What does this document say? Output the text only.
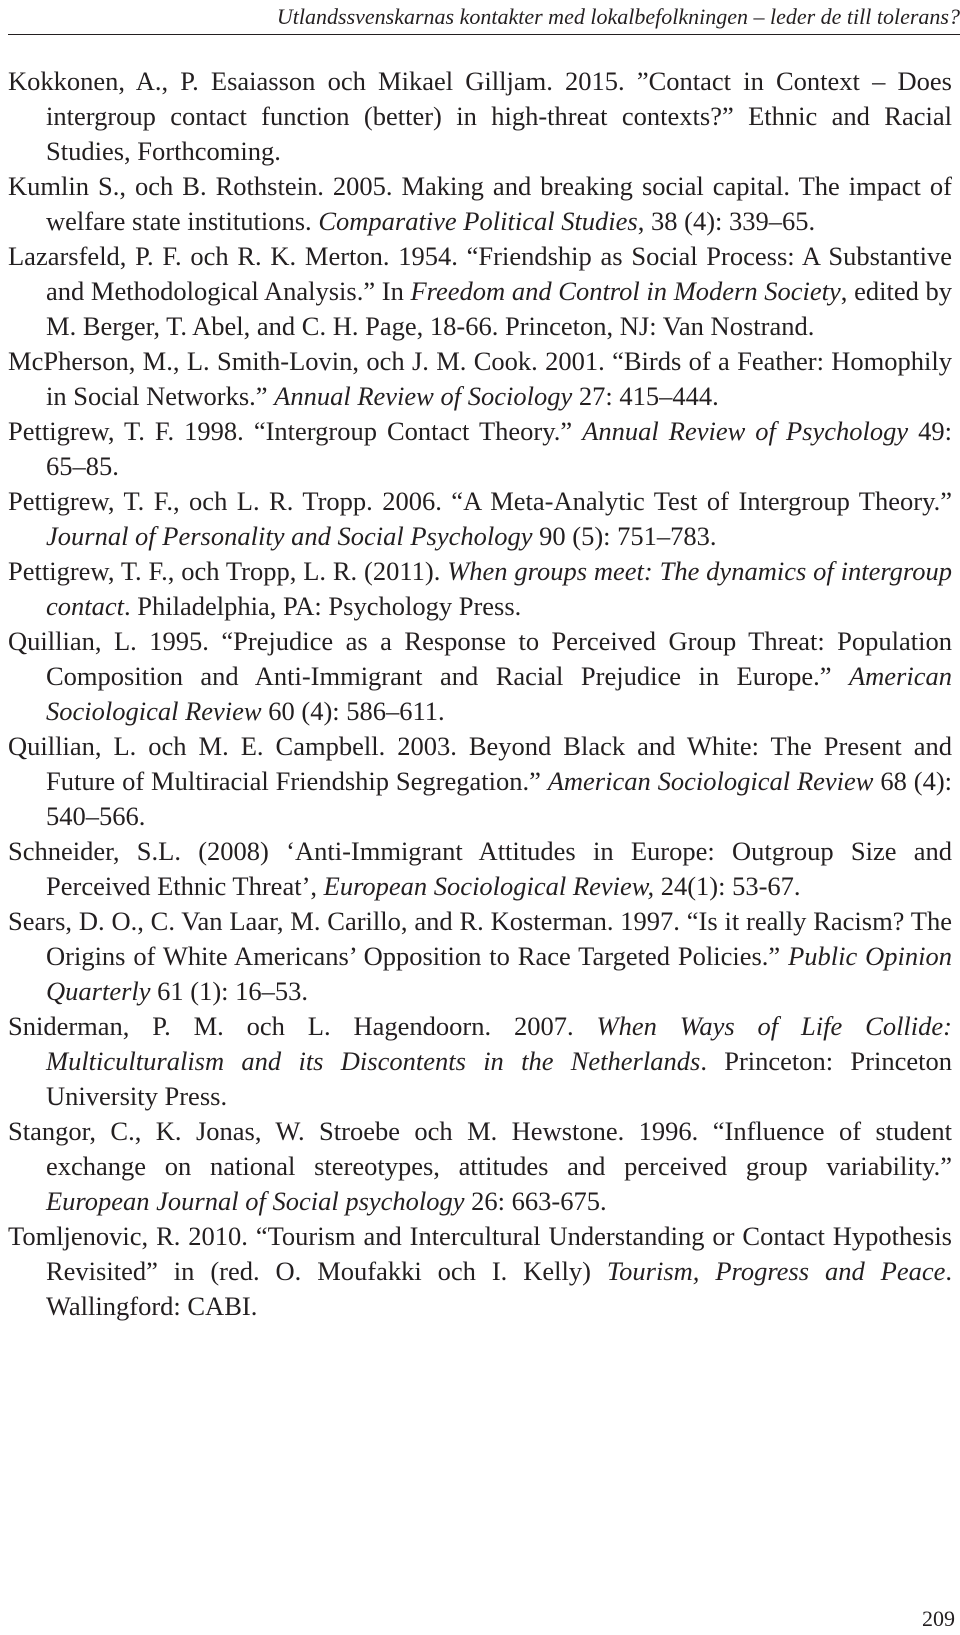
Utlandssvenskarnas kontakter med lokalbefolkningen – leder de till tolerans?

Kokkonen, A., P. Esaiasson och Mikael Gilljam. 2015. ”Contact in Context – Does intergroup contact function (better) in high-threat contexts?” Ethnic and Racial Studies, Forthcoming.

Kumlin S., och B. Rothstein. 2005. Making and breaking social capital. The impact of welfare state institutions. Comparative Political Studies, 38 (4): 339–65.

Lazarsfeld, P. F. och R. K. Merton. 1954. “Friendship as Social Process: A Substantive and Methodological Analysis.” In Freedom and Control in Modern Society, edited by M. Berger, T. Abel, and C. H. Page, 18-66. Princeton, NJ: Van Nostrand.

McPherson, M., L. Smith-Lovin, och J. M. Cook. 2001. “Birds of a Feather: Homophily in Social Networks.” Annual Review of Sociology 27: 415–444.

Pettigrew, T. F. 1998. “Intergroup Contact Theory.” Annual Review of Psychology 49: 65–85.

Pettigrew, T. F., och L. R. Tropp. 2006. “A Meta-Analytic Test of Intergroup Theory.” Journal of Personality and Social Psychology 90 (5): 751–783.

Pettigrew, T. F., och Tropp, L. R. (2011). When groups meet: The dynamics of intergroup contact. Philadelphia, PA: Psychology Press.

Quillian, L. 1995. “Prejudice as a Response to Perceived Group Threat: Population Composition and Anti-Immigrant and Racial Prejudice in Europe.” American Sociological Review 60 (4): 586–611.

Quillian, L. och M. E. Campbell. 2003. Beyond Black and White: The Present and Future of Multiracial Friendship Segregation.” American Sociological Review 68 (4): 540–566.

Schneider, S.L. (2008) ‘Anti-Immigrant Attitudes in Europe: Outgroup Size and Perceived Ethnic Threat’, European Sociological Review, 24(1): 53-67.

Sears, D. O., C. Van Laar, M. Carillo, and R. Kosterman. 1997. “Is it really Racism? The Origins of White Americans’ Opposition to Race Targeted Policies.” Public Opinion Quarterly 61 (1): 16–53.

Sniderman, P. M. och L. Hagendoorn. 2007. When Ways of Life Collide: Multiculturalism and its Discontents in the Netherlands. Princeton: Princeton University Press.

Stangor, C., K. Jonas, W. Stroebe och M. Hewstone. 1996. “Influence of student exchange on national stereotypes, attitudes and perceived group variability.” European Journal of Social psychology 26: 663-675.

Tomljenovic, R. 2010. “Tourism and Intercultural Understanding or Contact Hypothesis Revisited” in (red. O. Moufakki och I. Kelly) Tourism, Progress and Peace. Wallingford: CABI.

209
